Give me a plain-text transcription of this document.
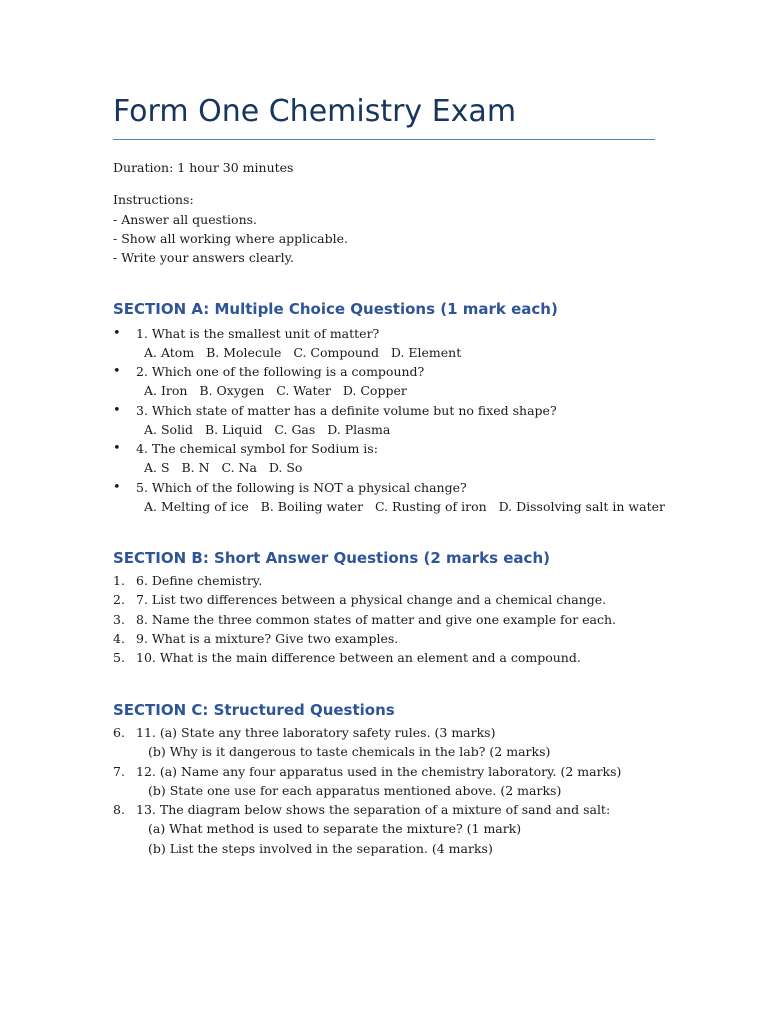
Form One Chemistry Exam
Duration: 1 hour 30 minutes
Instructions:
- Answer all questions.
- Show all working where applicable.
- Write your answers clearly.
SECTION A: Multiple Choice Questions (1 mark each)
• 1. What is the smallest unit of matter?
A. Atom   B. Molecule   C. Compound   D. Element
• 2. Which one of the following is a compound?
A. Iron   B. Oxygen   C. Water   D. Copper
• 3. Which state of matter has a definite volume but no fixed shape?
A. Solid   B. Liquid   C. Gas   D. Plasma
• 4. The chemical symbol for Sodium is:
A. S   B. N   C. Na   D. So
• 5. Which of the following is NOT a physical change?
A. Melting of ice   B. Boiling water   C. Rusting of iron   D. Dissolving salt in water
SECTION B: Short Answer Questions (2 marks each)
1. 6. Define chemistry.
2. 7. List two differences between a physical change and a chemical change.
3. 8. Name the three common states of matter and give one example for each.
4. 9. What is a mixture? Give two examples.
5. 10. What is the main difference between an element and a compound.
SECTION C: Structured Questions
6. 11. (a) State any three laboratory safety rules. (3 marks)
(b) Why is it dangerous to taste chemicals in the lab? (2 marks)
7. 12. (a) Name any four apparatus used in the chemistry laboratory. (2 marks)
(b) State one use for each apparatus mentioned above. (2 marks)
8. 13. The diagram below shows the separation of a mixture of sand and salt:
(a) What method is used to separate the mixture? (1 mark)
(b) List the steps involved in the separation. (4 marks)
